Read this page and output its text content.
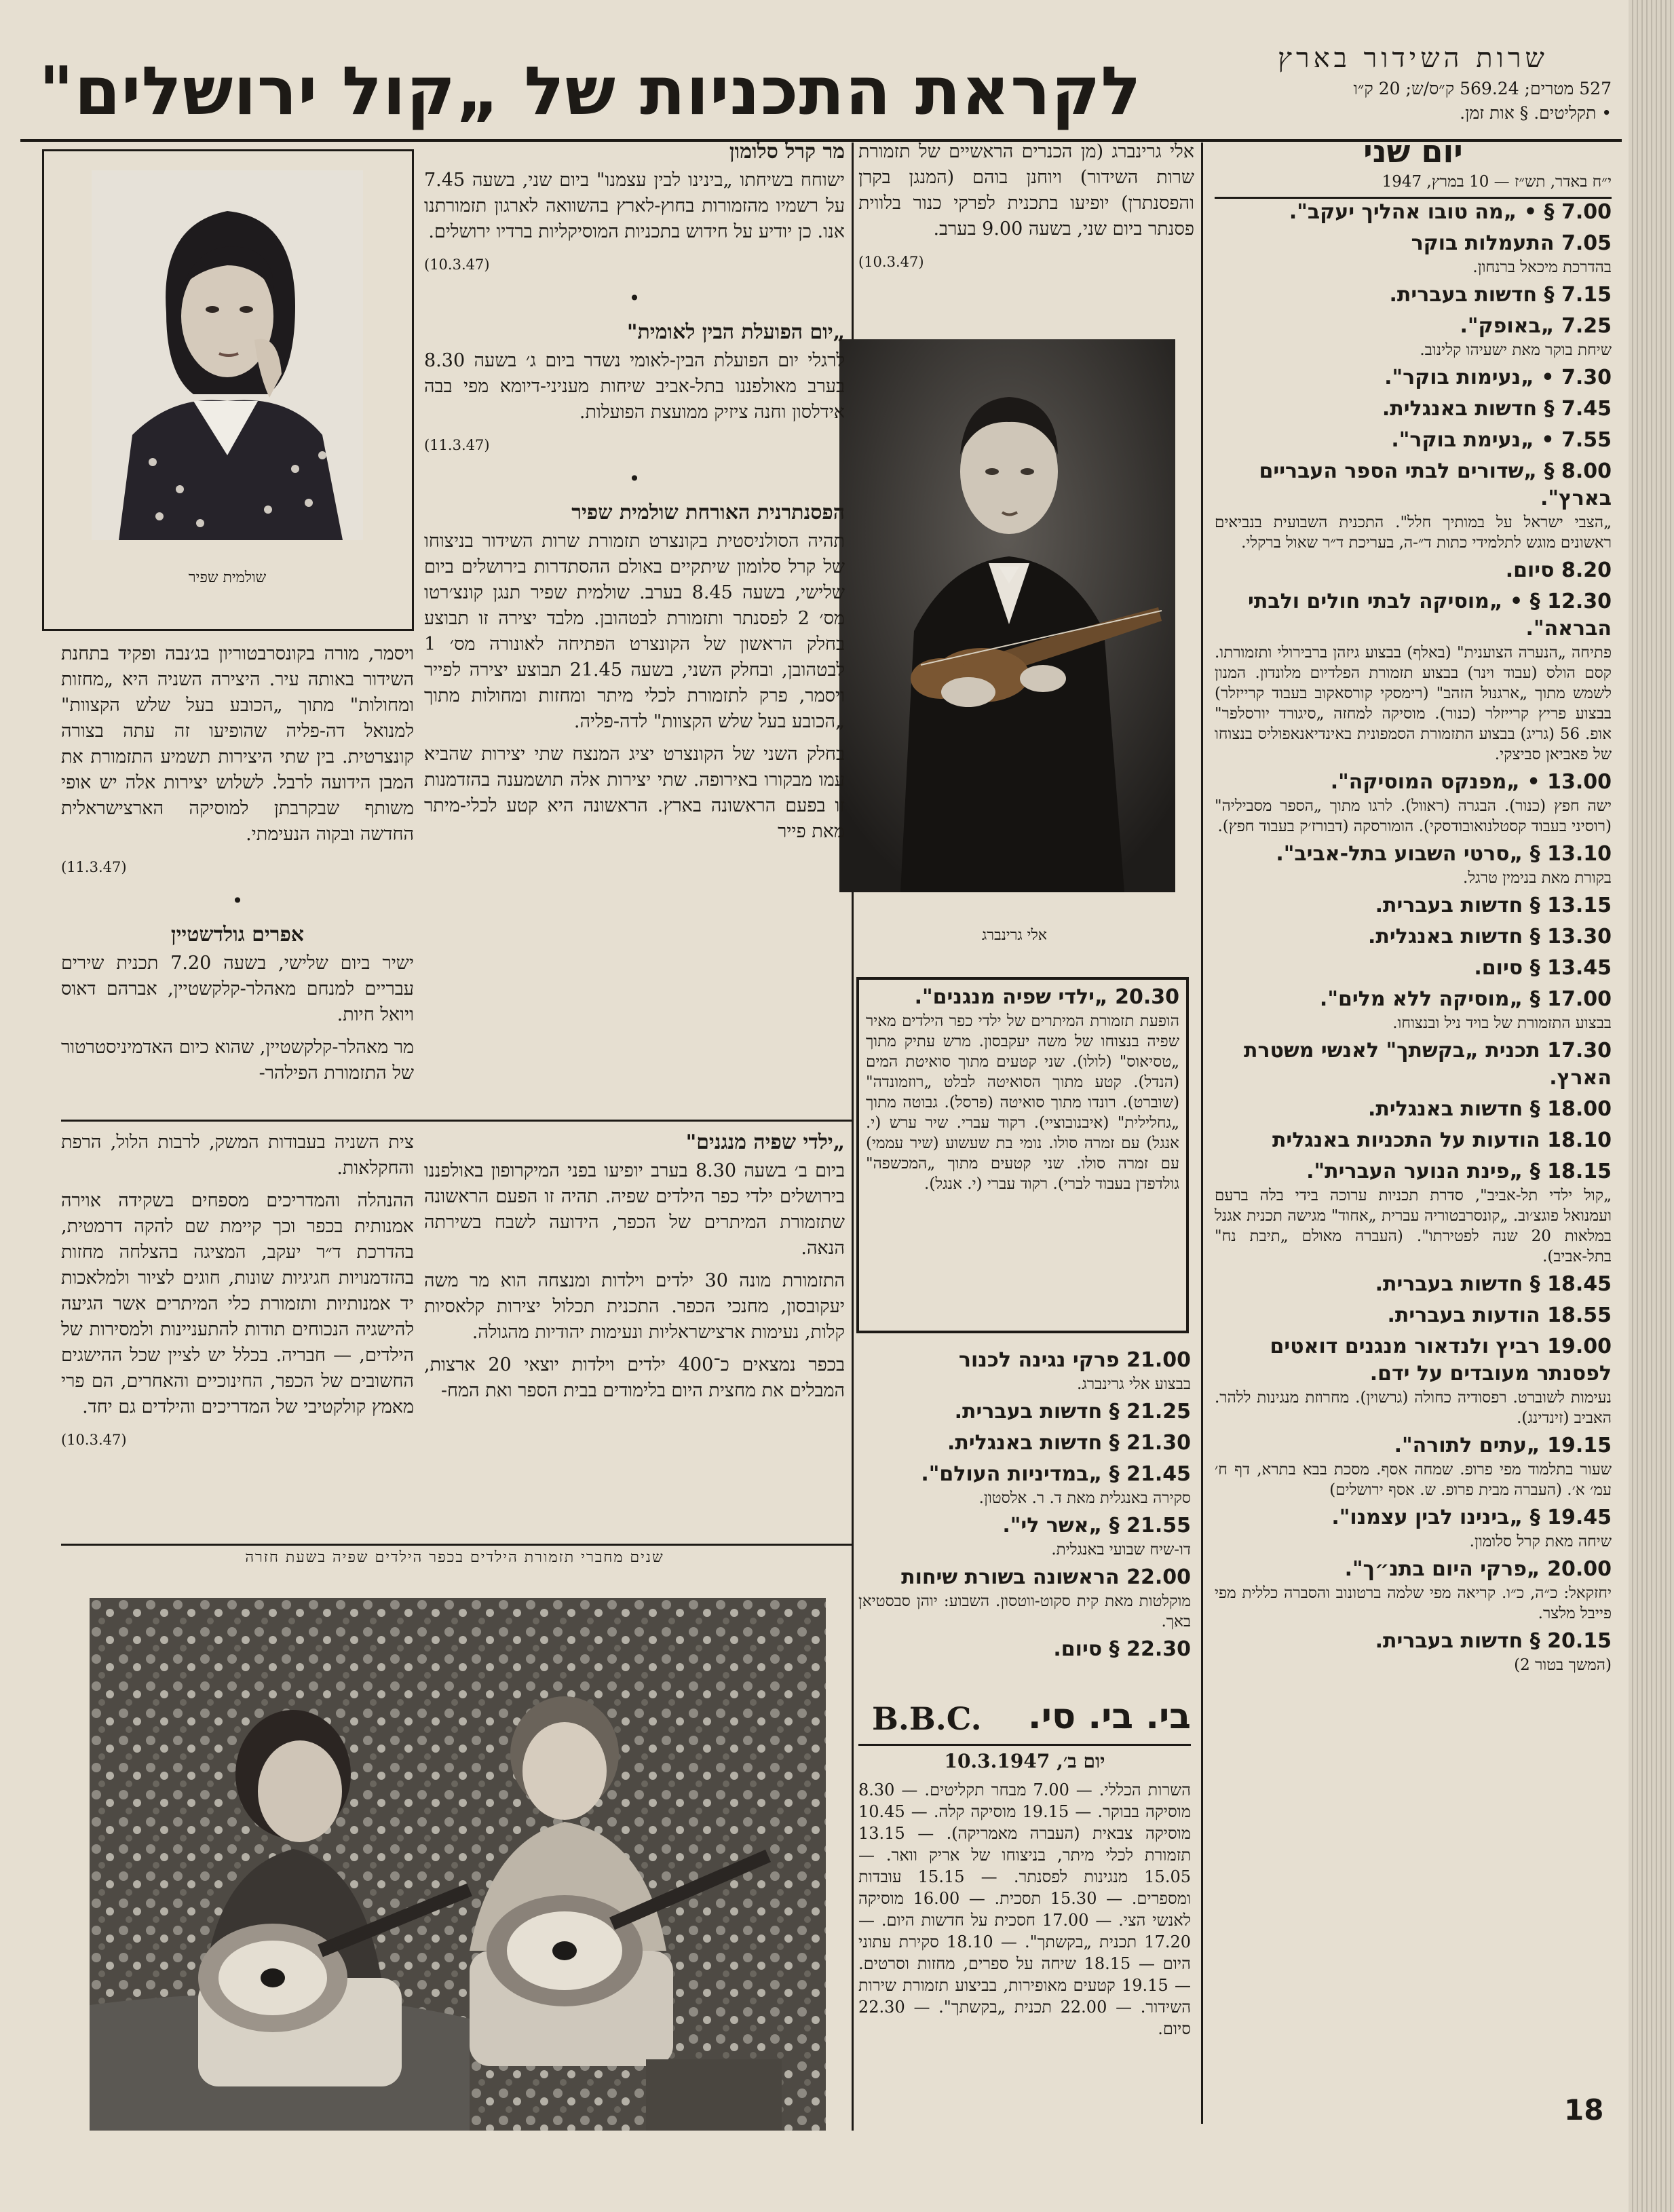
לקראת התכניות של „קול ירושלים"	שרות השידור בארץ

527 מטרים; 569.24 ק״ס/ש; 20 ק״ו

• תקליטים. § אות זמן.

יום שני

י״ח באדר, תש״ז — 10 במרץ, 1947

7.00 § • „מה טובו אהליך יעקב".
7.05 התעמלות בוקר
בהדרכת מיכאל ברנחון.
7.15 § חדשות בעברית.
7.25 „באופק".
שיחת בוקר מאת ישעיהו קלינוב.
7.30 • „נעימות בוקר".
7.45 § חדשות באנגלית.
7.55 • „נעימת בוקר".
8.00 § „שדורים לבתי הספר העבריים בארץ".
„הצבי ישראל על במותיך חלל". התכנית השבועית בנביאים ראשונים מוגש לתלמידי כתות ד״-ה, בעריכת ד״ר שאול ברקלי.
8.20 סיום.
12.30 § • „מוסיקה לבתי חולים ולבתי הבראה".
פתיחה „הנערה הצוענית" (באלף) בבצוע גיזהן ברבירולי ותזמורתו. קסם הולס (עבוד וינר) בבצוע תזמורת הפלדיום מלונדון. המנון לשמש מתוך „ארגנול הזהב" (רימסקי קורסאקוב בעבוד קרייזלר) בבצוע פריץ קרייזלר (כנור). מוסיקה למחזה „סיגורד יורסלפר" אופ. 56 (גריג) בבצוע התזמורת הסמפונית באינדיאנאפוליס בנצוחו של פאביאן סביצקי.
13.00 • „מפנקס המוסיקה".
ישה חפץ (כנור). הבגרה (ראוול). לרגו מתוך „הספר מסביליה" (רוסיני בעבוד קסטלנואובודסקי). הומורסקה (דבורז׳ק בעבוד חפץ).
13.10 § „סרטי השבוע בתל-אביב".
בקורת מאת בנימין טרגל.
13.15 § חדשות בעברית.
13.30 § חדשות באנגלית.
13.45 § סיום.
17.00 § „מוסיקה ללא מלים".
בבצוע התזמורת של בויד ניל ובנצוחו.
17.30 תכנית „בקשתך" לאנשי משטרת הארץ.
18.00 § חדשות באנגלית.
18.10 הודעות על התכניות באנגלית
18.15 § „פינת הנוער העברית".
„קול ילדי תל-אביב", סדרת תכניות ערוכה בידי בלה ברעם ועמנואל פוגצ׳וב. „קונסרבטוריה עברית „אחוד" מגישה תכנית אגנל במלאות 20 שנה לפטירתו". (העברה מאולם „תיבת נח" בתל-אביב).
18.45 § חדשות בעברית.
18.55 הודעות בעברית.
19.00 רביץ ולנדאור מנגנים דואטים לפסנתר מעובדים על ידם.
נעימות לשוברט. רפסודיה כחולה (גרשוין). מחרוזת מנגינות ללהר. האביב (זינדינג).
19.15 „עתים לתורה".
שעור בתלמוד מפי פרופ. שמחה אסף. מסכת בבא בתרא, דף ח׳ עמ׳ א׳. (העברה מבית פרופ. ש. אסף ירושלים)
19.45 § „בינינו לבין עצמנו".
שיחה מאת קרל סלומון.
20.00 „פרקי היום בתנ״ך".
יחזקאל: כ״ה, כ״ו. קריאה מפי שלמה ברטונוב והסברה כללית מפי פייבל מלצר.
20.15 § חדשות בעברית.
(המשך בטור 2)

אלי גרינברג (מן הכנרים הראשיים של תזמורת שרות השידור) ויוחנן בוהם (המנגן בקרן והפסנתרן) יופיעו בתכנית לפרקי כנור בלווית פסנתר ביום שני, בשעה 9.00 בערב.

(10.3.47)

אלי גרינברג
20.30 „ילדי שפיה מנגנים".
הופעת תזמורת המיתרים של ילדי כפר הילדים מאיר שפיה בנצוחו של משה יעקבסון. מרש עתיק מתוך „טסיאוס" (לולו). שני קטעים מתוך סואיטת המים (הנדל). קטע מתוך הסואיטה לבלט „רוזמונדה" (שוברט). רונדו מתוך סואיטה (פרסל). גבוטה מתוך „גחלילית" (איבנובוציי). רקוד עברי. שיר ערש (י. אנגל) עם זמרה סולו. נומי בת שעשוע (שיר עממי) עם זמרה סולו. שני קטעים מתוך „המכשפה" גולדפדן בעבוד לברי). רקוד עברי (י. אנגל).
21.00 פרקי נגינה לכנור
בבצוע אלי גרינברג.
21.25 § חדשות בעברית.
21.30 § חדשות באנגלית.
21.45 § „במדיניות העולם".
סקירה באנגלית מאת ד. ר. אלסטון.
21.55 § „אשר לי".
דו-שיח שבועי באנגלית.
22.00 הראשונה בשורת שיחות
מוקלטות מאת קית סקוט-ווטסון. השבוע: יוהן סבסטיאן באך.
22.30 § סיום.
בי. בי. סי.
B.B.C.

יום ב׳, 10.3.1947

השרות הכללי. — 7.00 מבחר תקליטים. — 8.30 מוסיקה בבוקר. — 19.15 מוסיקה קלה. — 10.45 מוסיקה צבאית (העברה מאמריקה). — 13.15 תזמורת לכלי מיתר, בניצוחו של אריק וואר. — 15.05 מנגינות לפסנתר. — 15.15 עובדות ומספרים. — 15.30 תסכית. — 16.00 מוסיקה לאנשי הצי. — 17.00 חסכית על חדשות היום. — 17.20 תכנית „בקשתך". — 18.10 סקירת עתוני היום — 18.15 שיחה על ספרים, מחזות וסרטים. — 19.15 קטעים מאופירות, בביצוע תזמורת שירות השידור. — 22.00 תכנית „בקשתך". — 22.30 סיום.

מר קרל סלומון
ישוחח בשיחתו „בינינו לבין עצמנו" ביום שני, בשעה 7.45 על רשמיו מהזמורות בחוץ-לארץ בהשוואה לארגון תזמורתנו אנו. כן יודיע על חידוש בתכניות המוסיקליות ברדיו ירושלים.

(10.3.47)

•

„יום הפועלת הבין לאומית"
לרגלי יום הפועלת הבין-לאומי נשדר ביום ג׳ בשעה 8.30 בערב מאולפננו בתל-אביב שיחות מעניני-דיומא מפי בבה אידלסון וחנה ציזיק ממועצת הפועלות.

(11.3.47)

•

הפסנתרנית האורחת שולמית שפיר
תהיה הסולניסטית בקונצרט תזמורת שרות השידור בניצוחו של קרל סלומון שיתקיים באולם ההסתדרות בירושלים ביום שלישי, בשעה 8.45 בערב. שולמית שפיר תנגן קונצ׳רטו מס׳ 2 לפסנתר ותזמורת לבטהובן. מלבד יצירה זו תבוצע בחלק הראשון של הקונצרט הפתיחה לאונורה מס׳ 1 לבטהובן, ובחלק השני, בשעה 21.45 תבוצע יצירה לפייר ויסמר, פרק לתזמורת לכלי מיתר ומחזות ומחולות מתוך „הכובע בעל שלש הקצוות" לדה-פליה.

בחלק השני של הקונצרט יציג המנצח שתי יצירות שהביא עמו מבקורו באירופה. שתי יצירות אלה תושמענה בהזדמנות זו בפעם הראשונה בארץ. הראשונה היא קטע לכלי-מיתר מאת פייר

„ילדי שפיה מנגנים"
ביום ב׳ בשעה 8.30 בערב יופיעו בפני המיקרופון באולפננו בירושלים ילדי כפר הילדים שפיה. תהיה זו הפעם הראשונה שתזמורת המיתרים של הכפר, הידועה לשבח בשירתה הנאה.

התזמורת מונה 30 ילדים וילדות ומנצחה הוא מר משה יעקובסון, מחנכי הכפר. התכנית תכלול יצירות קלאסיות קלות, נעימות ארצישראליות ונעימות יהודיות מהגולה.

בכפר נמצאים כ־400 ילדים וילדות יוצאי 20 ארצות, המבלים את מחצית היום בלימודים בבית הספר ואת המח-

שולמית שפיר

ויסמר, מורה בקונסרבטוריון בג׳נבה ופקיד בתחנת השידור באותה עיר. היצירה השניה היא „מחזות ומחולות" מתוך „הכובע בעל שלש הקצוות" למנואל דה-פליה שהופיעו זה עתה בצורה קונצרטית. בין שתי היצירות תשמיע התזמורת את המבן הידועה לרבל. לשלוש יצירות אלה יש אופי משותף שבקרבתן למוסיקה הארצישראלית החדשה ובקוה הנעימתי.

(11.3.47)

•

אפרים גולדשטיין
ישיר ביום שלישי, בשעה 7.20 תכנית שירים עבריים למנחם מאהלר-קלקשטיין, אברהם דאוס ויואל חיות.

מר מאהלר-קלקשטיין, שהוא כיום האדמיניסטרטור של התזמורת הפילהר-

צית השניה בעבודות המשק, לרבות הלול, הרפת והחקלאות.

ההנהלה והמדריכים מספחים בשקידה אוירה אמנותית בכפר וכך קיימת שם להקה דרמטית, בהדרכת ד״ר יעקב, המציגה בהצלחה מחזות בהזדמנויות חגיגיות שונות, חוגים לציור ולמלאכות יד אמנותיות ותזמורת כלי המיתרים אשר הגיעה להישגיה הנכוחים תודות להתעניינות ולמסירות של הילדים, — חבריה. בכלל יש לציין שכל ההישגים החשובים של הכפר, החינוכיים והאחרים, הם פרי מאמץ קולקטיבי של המדריכים והילדים גם יחד.

(10.3.47)

שנים מחברי תזמורת הילדים בכפר הילדים שפיה בשעת חזרה
18
